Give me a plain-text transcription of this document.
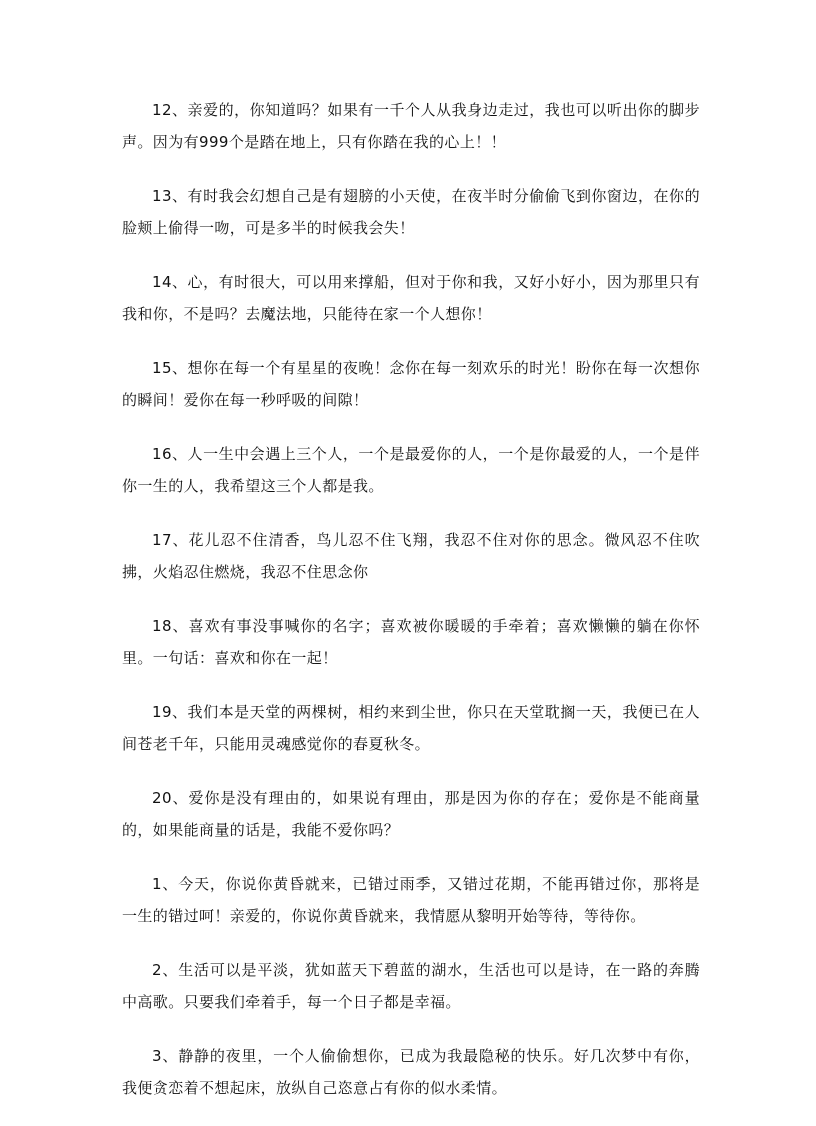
12、亲爱的，你知道吗？如果有一千个人从我身边走过，我也可以听出你的脚步声。因为有999个是踏在地上，只有你踏在我的心上！！

13、有时我会幻想自己是有翅膀的小天使，在夜半时分偷偷飞到你窗边，在你的脸颊上偷得一吻，可是多半的时候我会失！

14、心，有时很大，可以用来撑船，但对于你和我，又好小好小，因为那里只有我和你，不是吗？去魔法地，只能待在家一个人想你！

15、想你在每一个有星星的夜晚！念你在每一刻欢乐的时光！盼你在每一次想你的瞬间！爱你在每一秒呼吸的间隙！

16、人一生中会遇上三个人，一个是最爱你的人，一个是你最爱的人，一个是伴你一生的人，我希望这三个人都是我。

17、花儿忍不住清香，鸟儿忍不住飞翔，我忍不住对你的思念。微风忍不住吹拂，火焰忍住燃烧，我忍不住思念你

18、喜欢有事没事喊你的名字；喜欢被你暖暖的手牵着；喜欢懒懒的躺在你怀里。一句话：喜欢和你在一起！

19、我们本是天堂的两棵树，相约来到尘世，你只在天堂耽搁一天，我便已在人间苍老千年，只能用灵魂感觉你的春夏秋冬。

20、爱你是没有理由的，如果说有理由，那是因为你的存在；爱你是不能商量的，如果能商量的话是，我能不爱你吗？

1、今天，你说你黄昏就来，已错过雨季，又错过花期，不能再错过你，那将是一生的错过呵！亲爱的，你说你黄昏就来，我情愿从黎明开始等待，等待你。

2、生活可以是平淡，犹如蓝天下碧蓝的湖水，生活也可以是诗，在一路的奔腾中高歌。只要我们牵着手，每一个日子都是幸福。

3、静静的夜里，一个人偷偷想你，已成为我最隐秘的快乐。好几次梦中有你，我便贪恋着不想起床，放纵自己恣意占有你的似水柔情。
